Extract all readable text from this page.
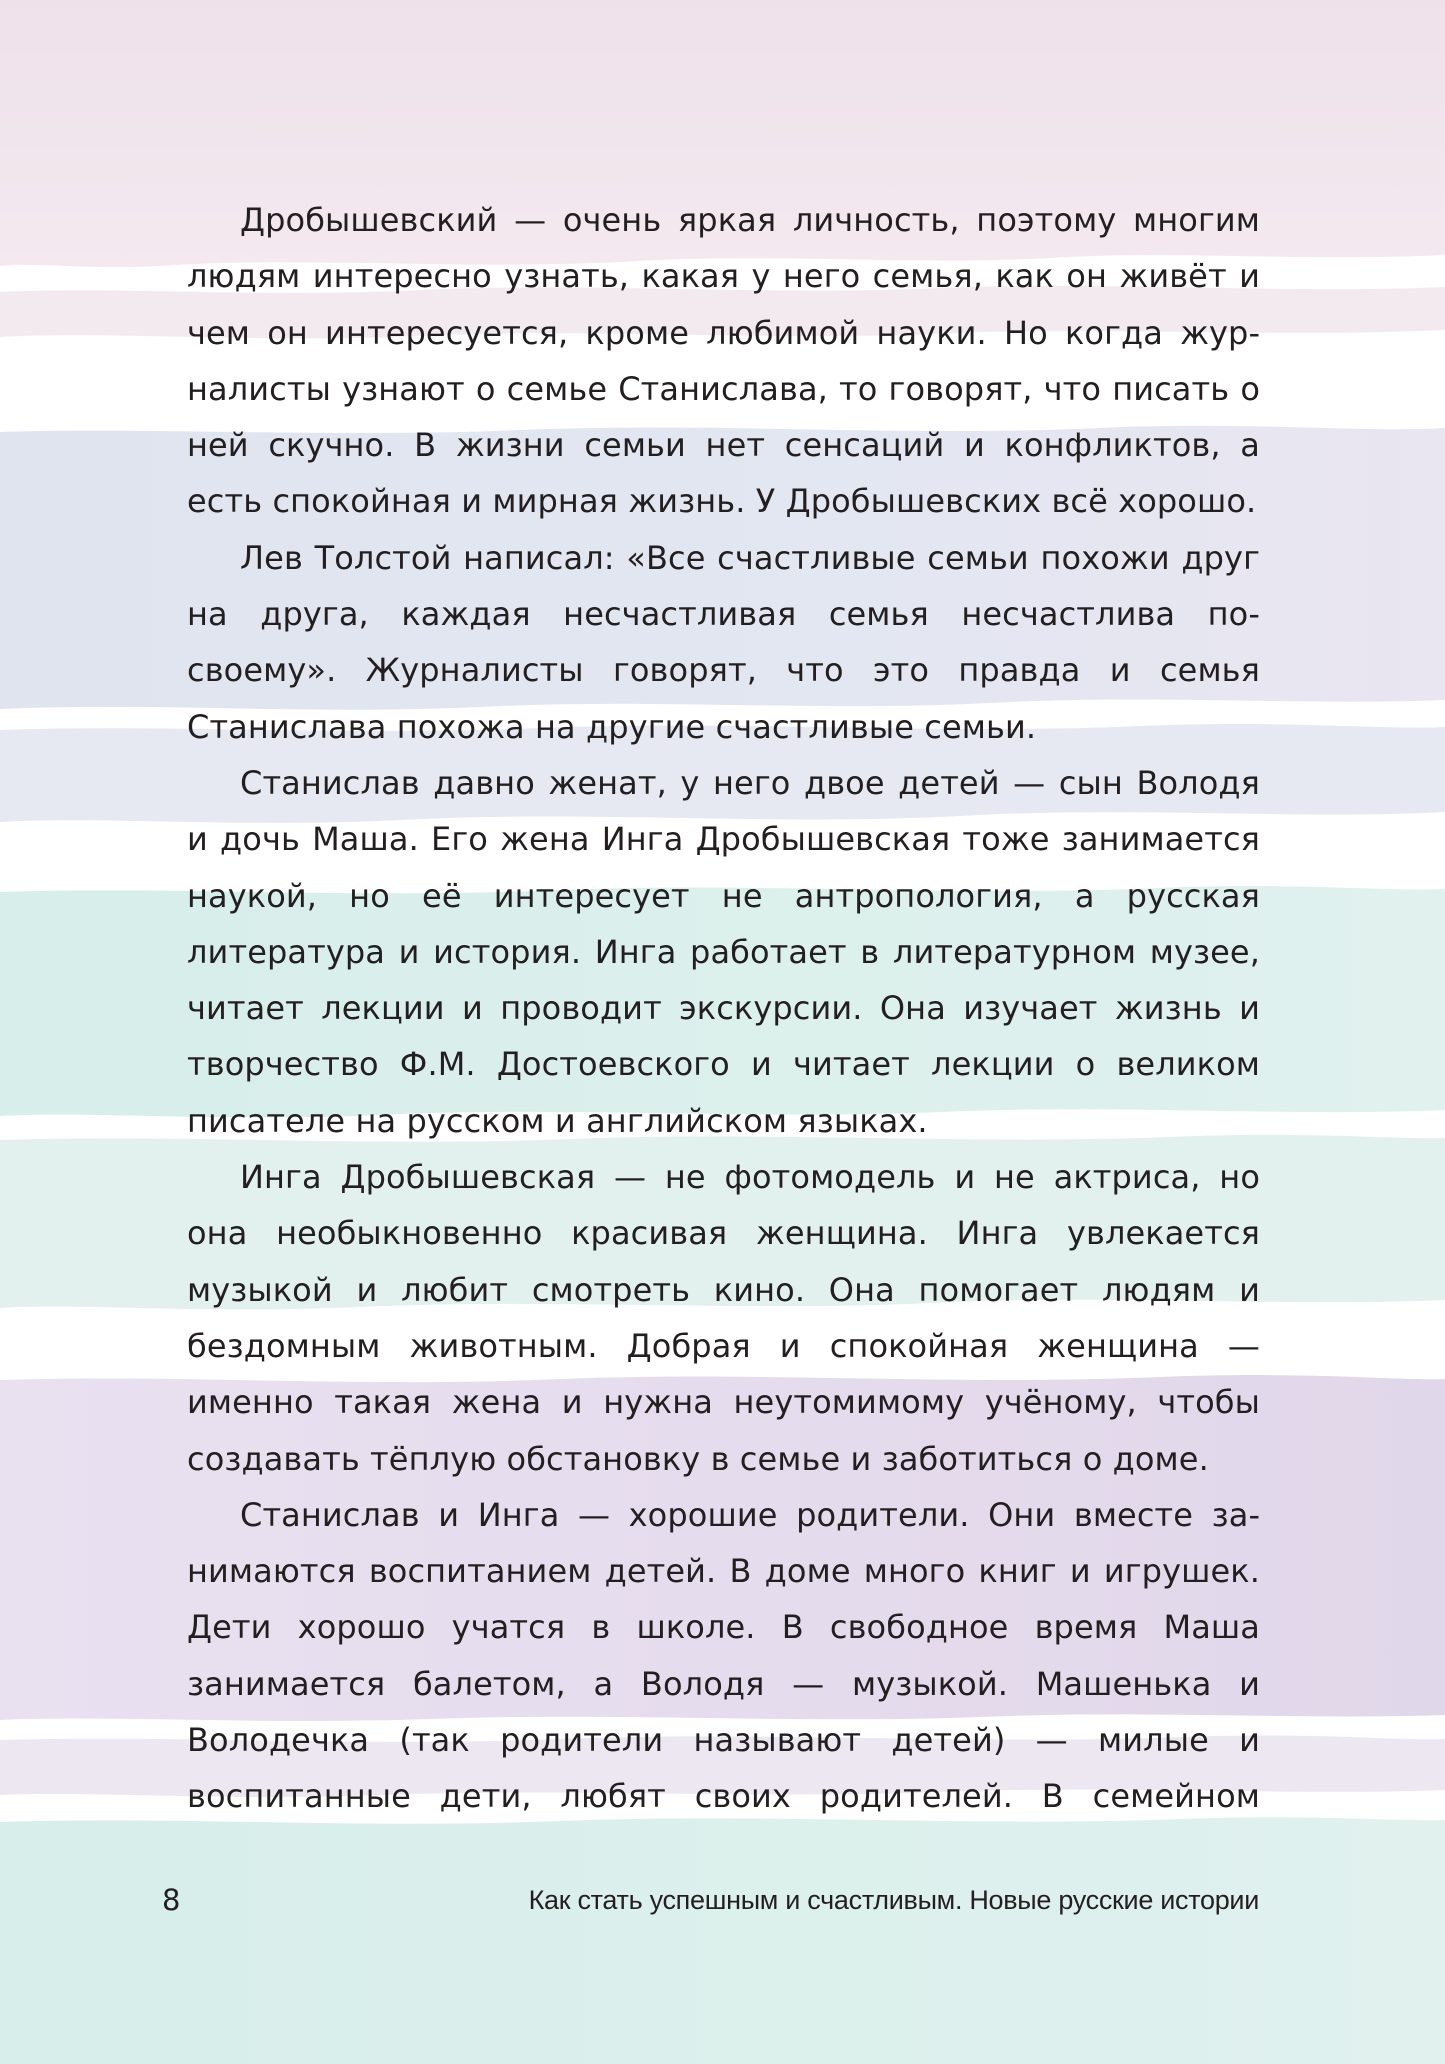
Дробышевский — очень яркая личность, поэтому многим людям интересно узнать, какая у него семья, как он живёт и чем он интересуется, кроме любимой науки. Но когда журналисты узнают о семье Станислава, то говорят, что писать о ней скучно. В жизни семьи нет сенсаций и конфликтов, а есть спокойная и мирная жизнь. У Дробышевских всё хорошо.

Лев Толстой написал: «Все счастливые семьи похожи друг на друга, каждая несчастливая семья несчастлива по-своему». Журналисты говорят, что это правда и семья Станислава похожа на другие счастливые семьи.

Станислав давно женат, у него двое детей — сын Володя и дочь Маша. Его жена Инга Дробышевская тоже занимается наукой, но её интересует не антропология, а русская литература и история. Инга работает в литературном музее, читает лекции и проводит экскурсии. Она изучает жизнь и творчество Ф.М. Достоевского и читает лекции о великом писателе на русском и английском языках.

Инга Дробышевская — не фотомодель и не актриса, но она необыкновенно красивая женщина. Инга увлекается музыкой и любит смотреть кино. Она помогает людям и бездомным животным. Добрая и спокойная женщина — именно такая жена и нужна неутомимому учёному, чтобы создавать тёплую обстановку в семье и заботиться о доме.

Станислав и Инга — хорошие родители. Они вместе занимаются воспитанием детей. В доме много книг и игрушек. Дети хорошо учатся в школе. В свободное время Маша занимается балетом, а Володя — музыкой. Машенька и Володечка (так родители называют детей) — милые и воспитанные дети, любят своих родителей. В семейном

8	Как стать успешным и счастливым. Новые русские истории
